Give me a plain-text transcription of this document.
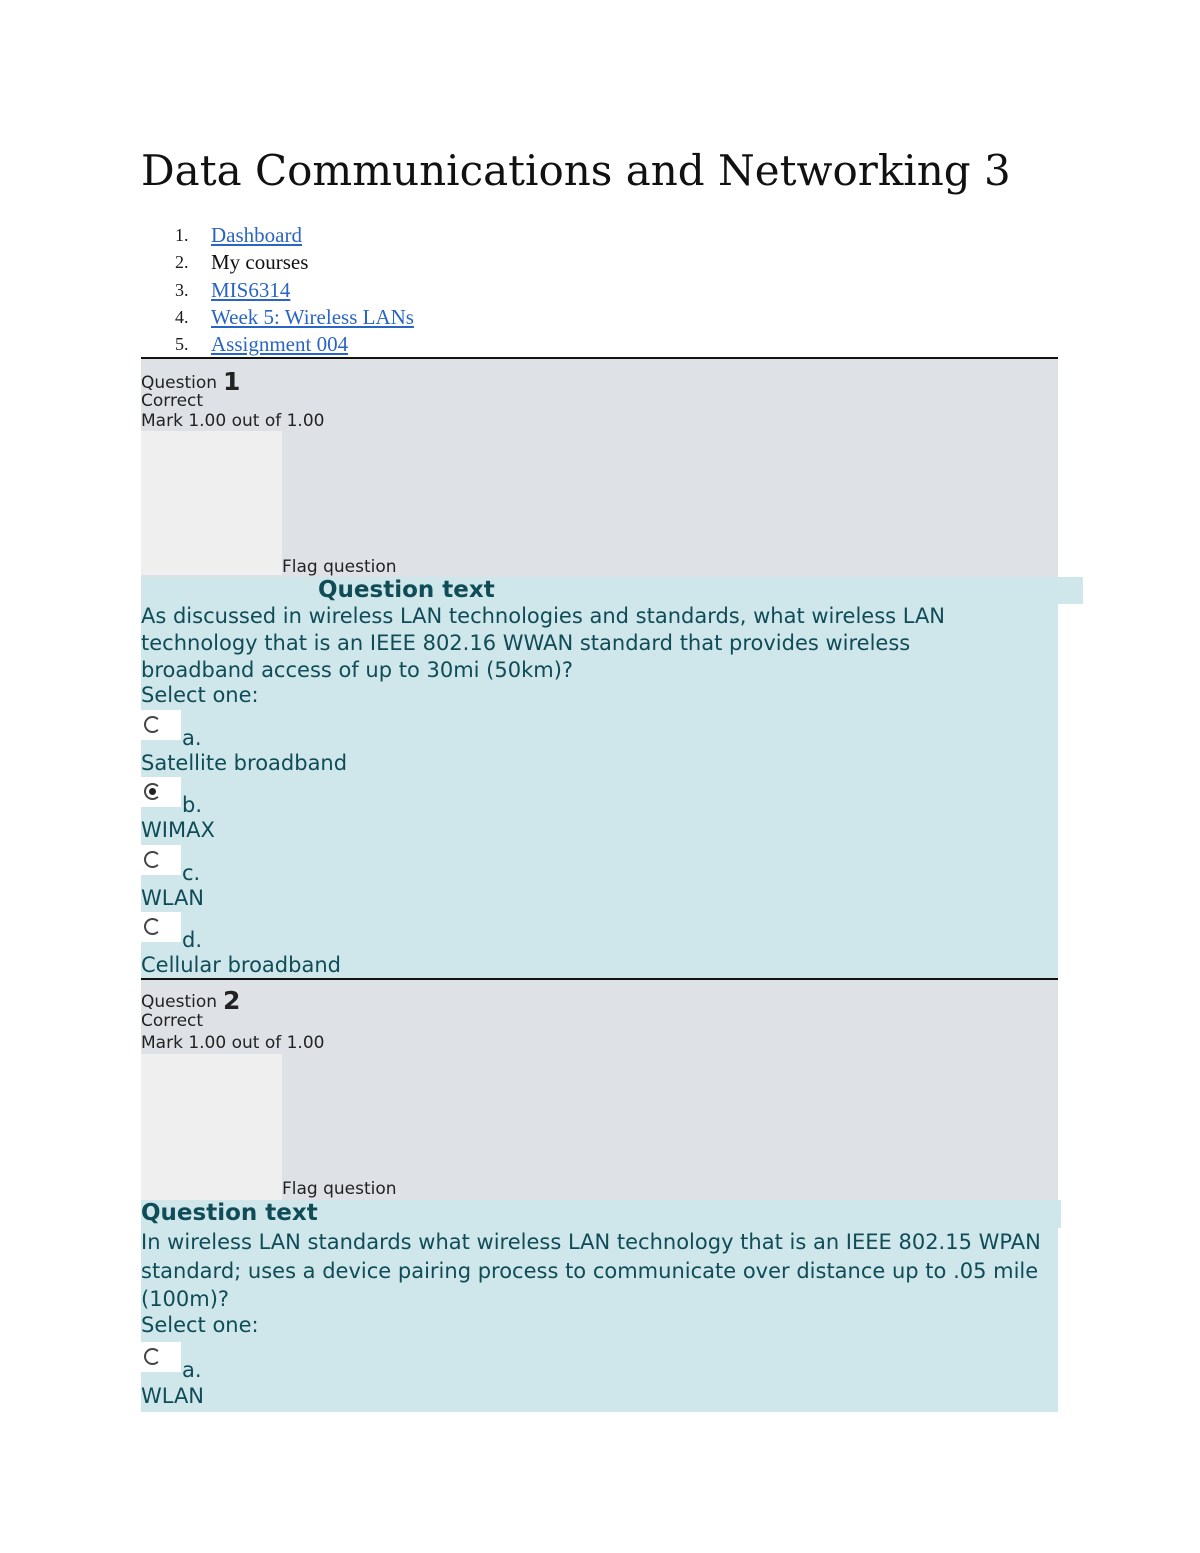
Data Communications and Networking 3
1.	Dashboard
2.	My courses
3.	MIS6314
4.	Week 5: Wireless LANs
5.	Assignment 004
Question 1
Correct
Mark 1.00 out of 1.00
Flag question
Question text
As discussed in wireless LAN technologies and standards, what wireless LAN technology that is an IEEE 802.16 WWAN standard that provides wireless broadband access of up to 30mi (50km)?
Select one:
a.
Satellite broadband
b.
WIMAX
c.
WLAN
d.
Cellular broadband
Question 2
Correct
Mark 1.00 out of 1.00
Flag question
Question text
In wireless LAN standards what wireless LAN technology that is an IEEE 802.15 WPAN standard; uses a device pairing process to communicate over distance up to .05 mile (100m)?
Select one:
a.
WLAN
